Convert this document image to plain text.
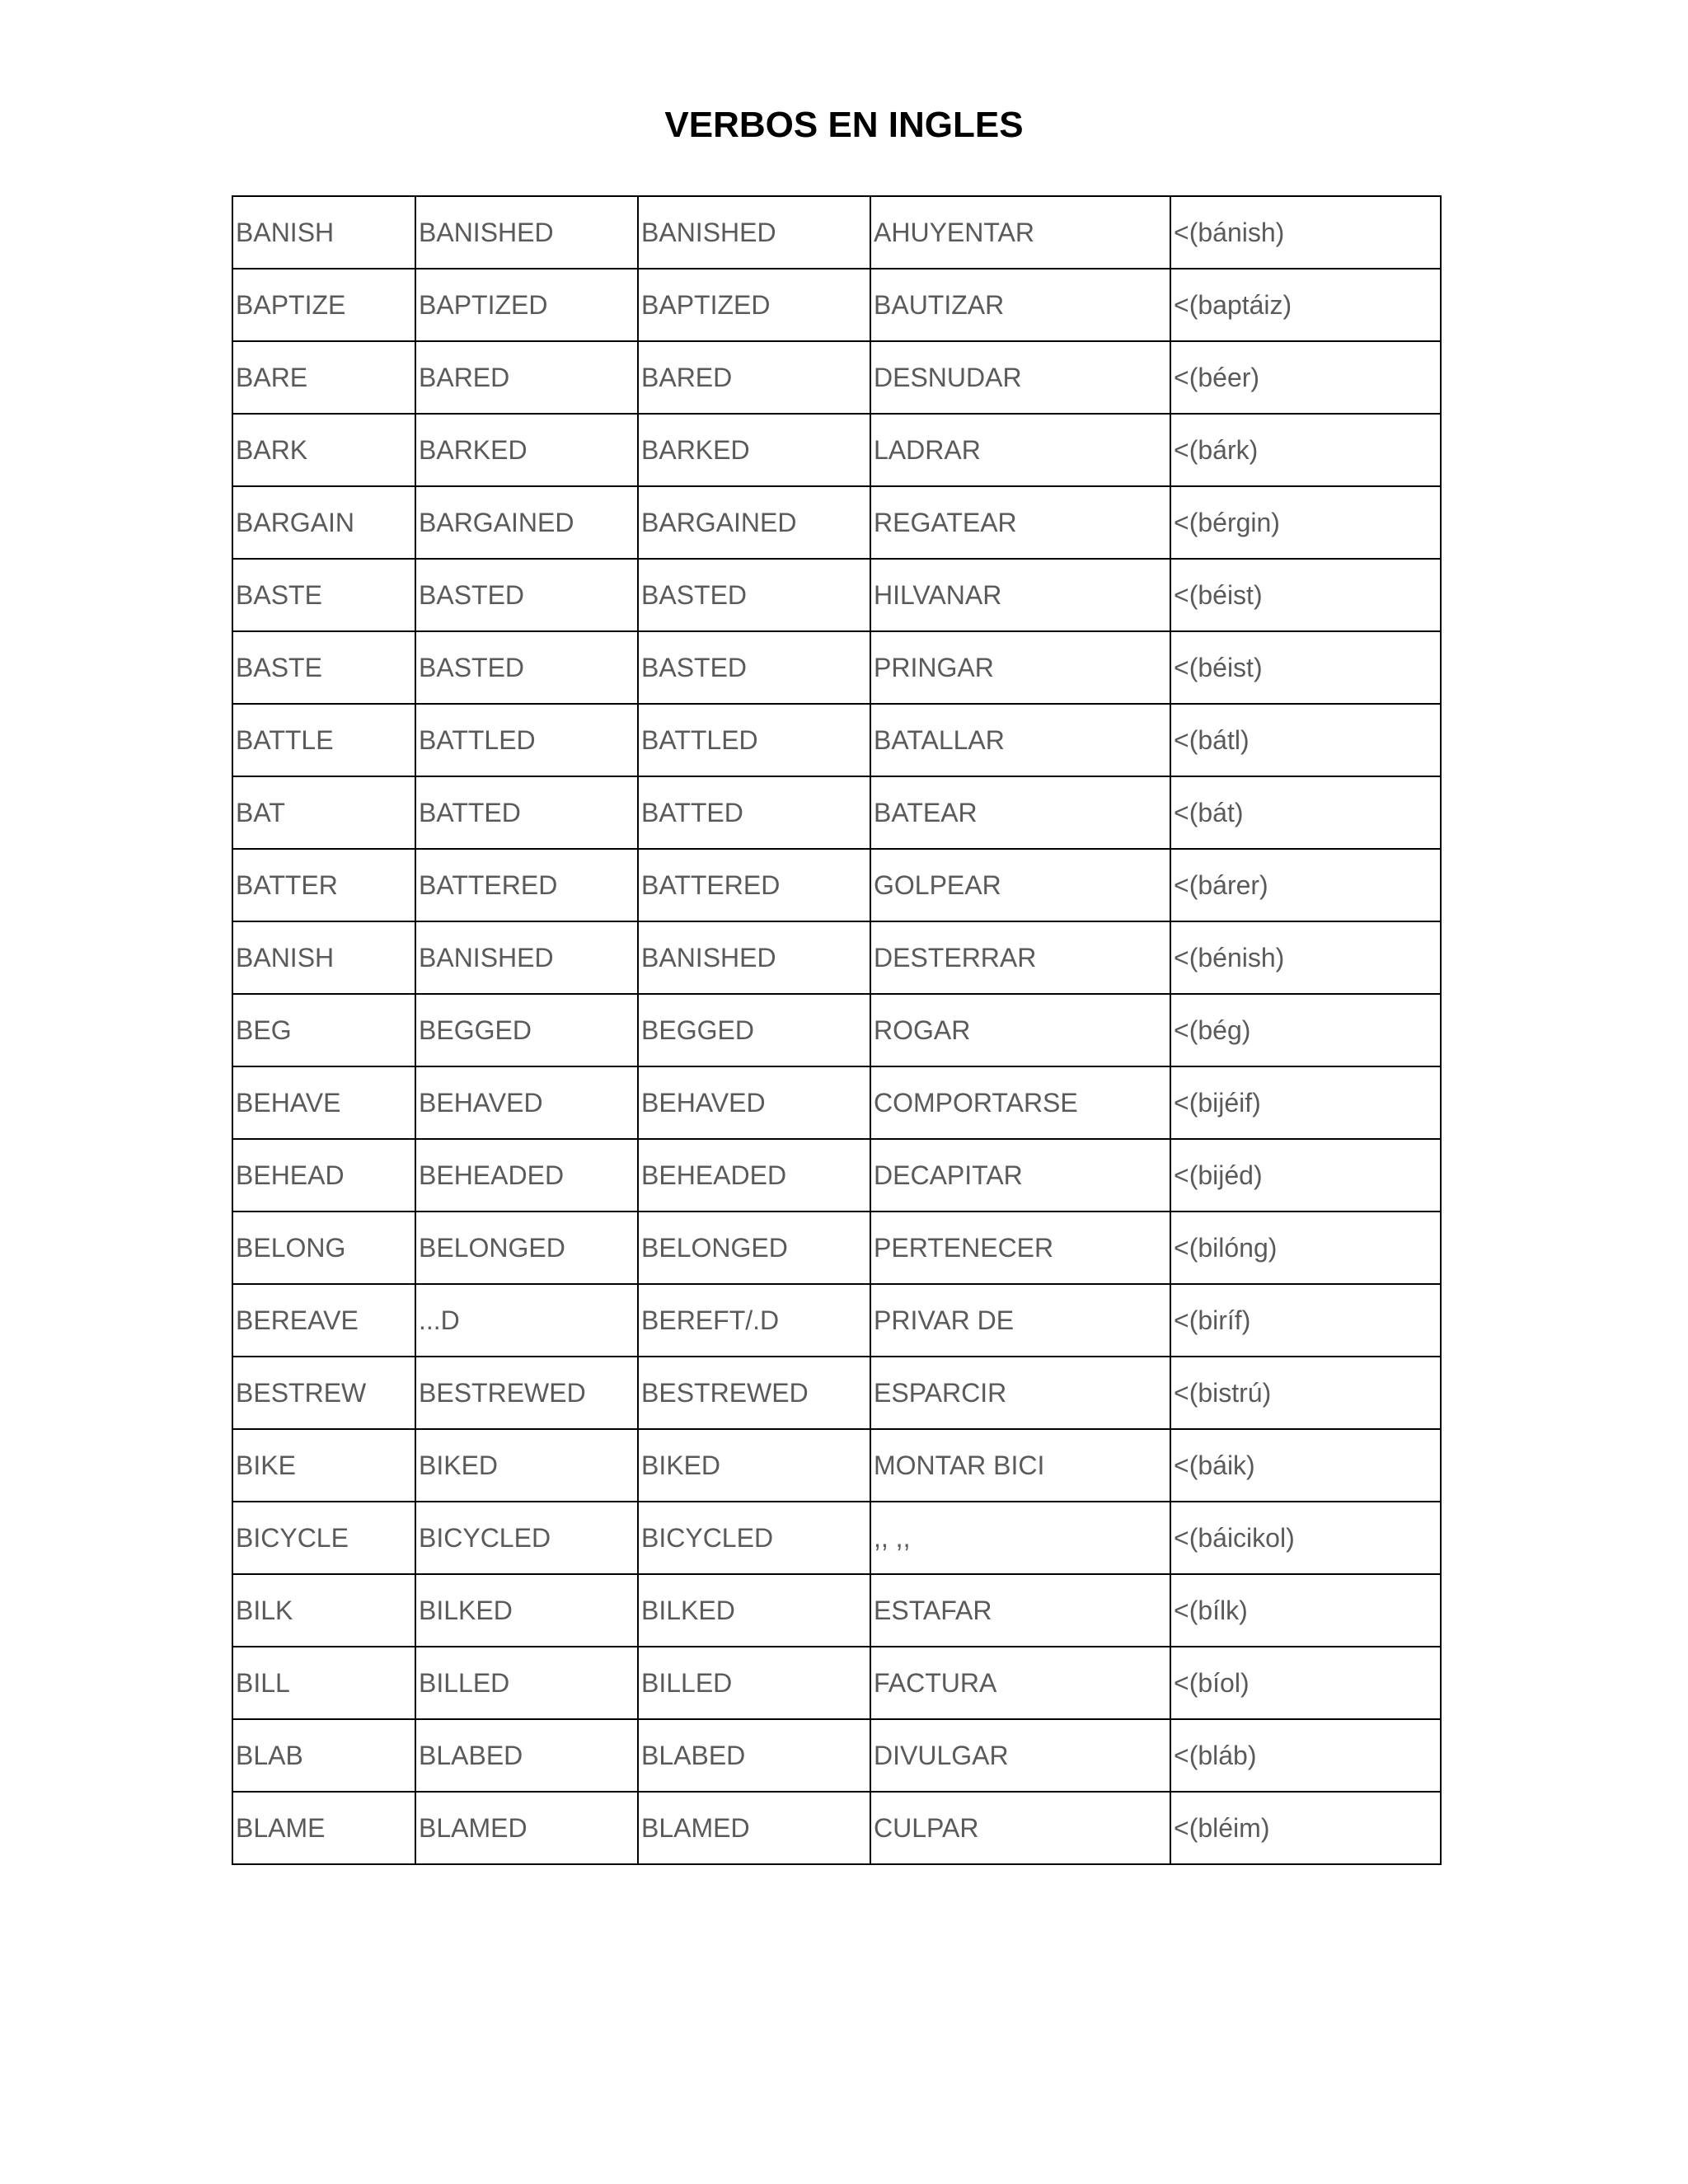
VERBOS EN INGLES
BANISH	BANISHED	BANISHED	AHUYENTAR	<(bánish)
BAPTIZE	BAPTIZED	BAPTIZED	BAUTIZAR	<(baptáiz)
BARE	BARED	BARED	DESNUDAR	<(béer)
BARK	BARKED	BARKED	LADRAR	<(bárk)
BARGAIN	BARGAINED	BARGAINED	REGATEAR	<(bérgin)
BASTE	BASTED	BASTED	HILVANAR	<(béist)
BASTE	BASTED	BASTED	PRINGAR	<(béist)
BATTLE	BATTLED	BATTLED	BATALLAR	<(bátl)
BAT	BATTED	BATTED	BATEAR	<(bát)
BATTER	BATTERED	BATTERED	GOLPEAR	<(bárer)
BANISH	BANISHED	BANISHED	DESTERRAR	<(bénish)
BEG	BEGGED	BEGGED	ROGAR	<(bég)
BEHAVE	BEHAVED	BEHAVED	COMPORTARSE	<(bijéif)
BEHEAD	BEHEADED	BEHEADED	DECAPITAR	<(bijéd)
BELONG	BELONGED	BELONGED	PERTENECER	<(bilóng)
BEREAVE	...D	BEREFT/.D	PRIVAR DE	<(biríf)
BESTREW	BESTREWED	BESTREWED	ESPARCIR	<(bistrú)
BIKE	BIKED	BIKED	MONTAR BICI	<(báik)
BICYCLE	BICYCLED	BICYCLED	,, ,,	<(báicikol)
BILK	BILKED	BILKED	ESTAFAR	<(bílk)
BILL	BILLED	BILLED	FACTURA	<(bíol)
BLAB	BLABED	BLABED	DIVULGAR	<(bláb)
BLAME	BLAMED	BLAMED	CULPAR	<(bléim)
